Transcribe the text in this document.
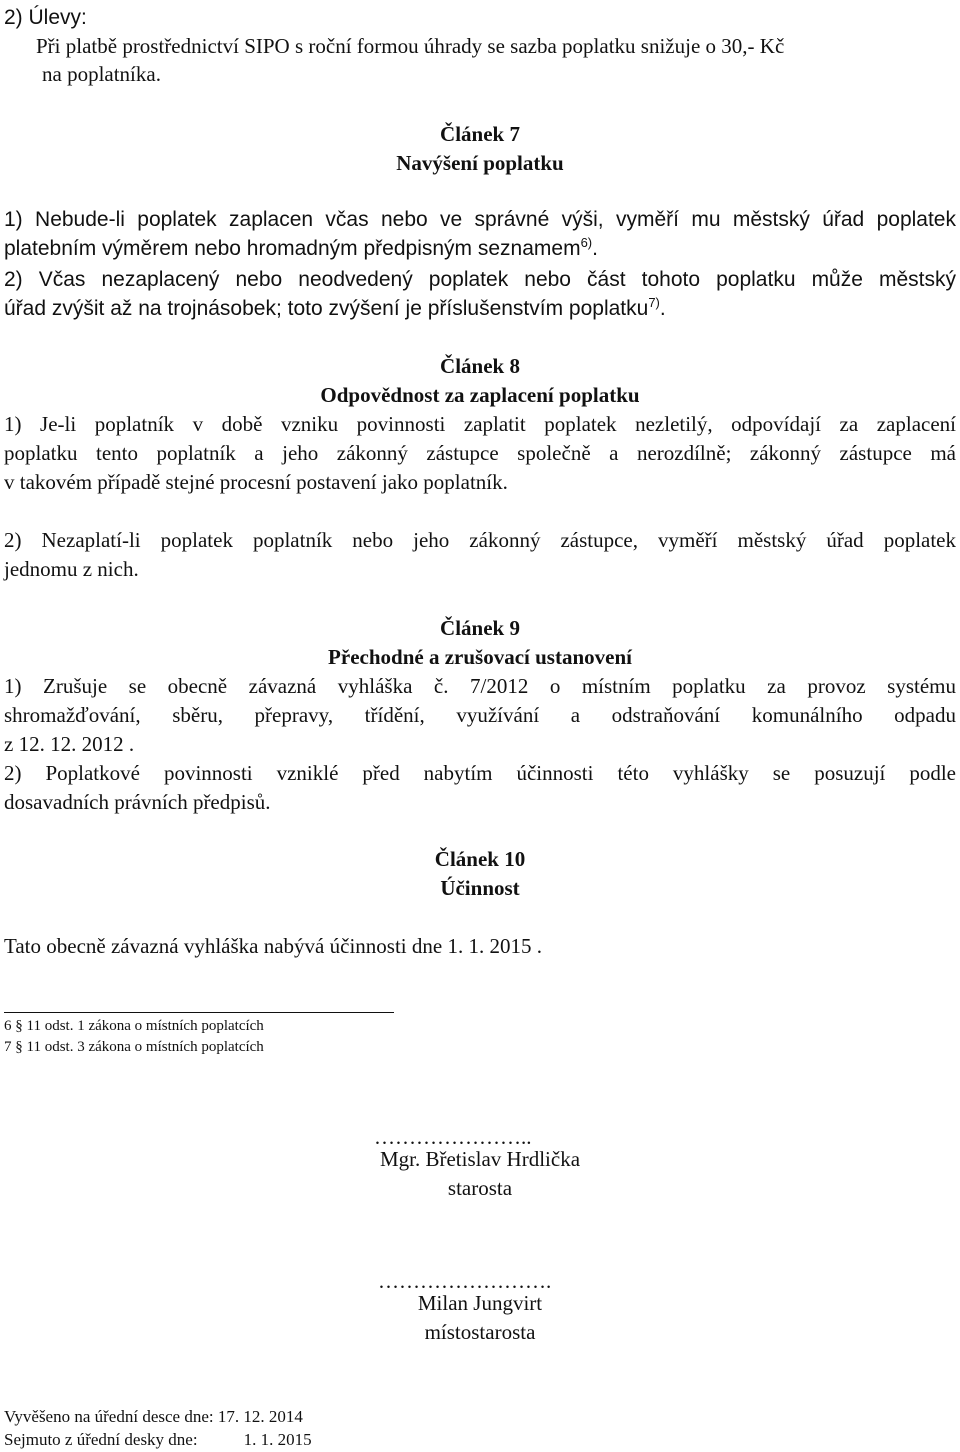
2) Úlevy:
Při platbě prostřednictví SIPO s roční formou úhrady se sazba poplatku snižuje o 30,- Kč
na poplatníka.
Článek 7
Navýšení poplatku
1) Nebude-li poplatek zaplacen včas nebo ve správné výši, vyměří mu městský úřad poplatek
platebním výměrem nebo hromadným předpisným seznamem$^{6)}$.
2) Včas nezaplacený nebo neodvedený poplatek nebo část tohoto poplatku může městský
úřad zvýšit až na trojnásobek; toto zvýšení je příslušenstvím poplatku$^{7)}$.
Článek 8
Odpovědnost za zaplacení poplatku
1) Je-li poplatník v době vzniku povinnosti zaplatit poplatek nezletilý, odpovídají za zaplacení
poplatku tento poplatník a jeho zákonný zástupce společně a nerozdílně; zákonný zástupce má
v takovém případě stejné procesní postavení jako poplatník.
2) Nezaplatí-li poplatek poplatník nebo jeho zákonný zástupce, vyměří městský úřad poplatek
jednomu z nich.
Článek 9
Přechodné a zrušovací ustanovení
1) Zrušuje se obecně závazná vyhláška č. 7/2012 o místním poplatku za provoz systému
shromažďování, sběru, přepravy, třídění, využívání a odstraňování komunálního odpadu
z 12. 12. 2012 .
2) Poplatkové povinnosti vzniklé před nabytím účinnosti této vyhlášky se posuzují podle
dosavadních právních předpisů.
Článek 10
Účinnost
Tato obecně závazná vyhláška nabývá účinnosti dne 1. 1. 2015 .
6 § 11 odst. 1 zákona o místních poplatcích
7 § 11 odst. 3 zákona o místních poplatcích
…………………..
Mgr. Břetislav Hrdlička
starosta
…………………….
Milan Jungvirt
místostarosta
Vyvěšeno na úřední desce dne: 17. 12. 2014
Sejmuto z úřední desky dne:	1. 1. 2015
